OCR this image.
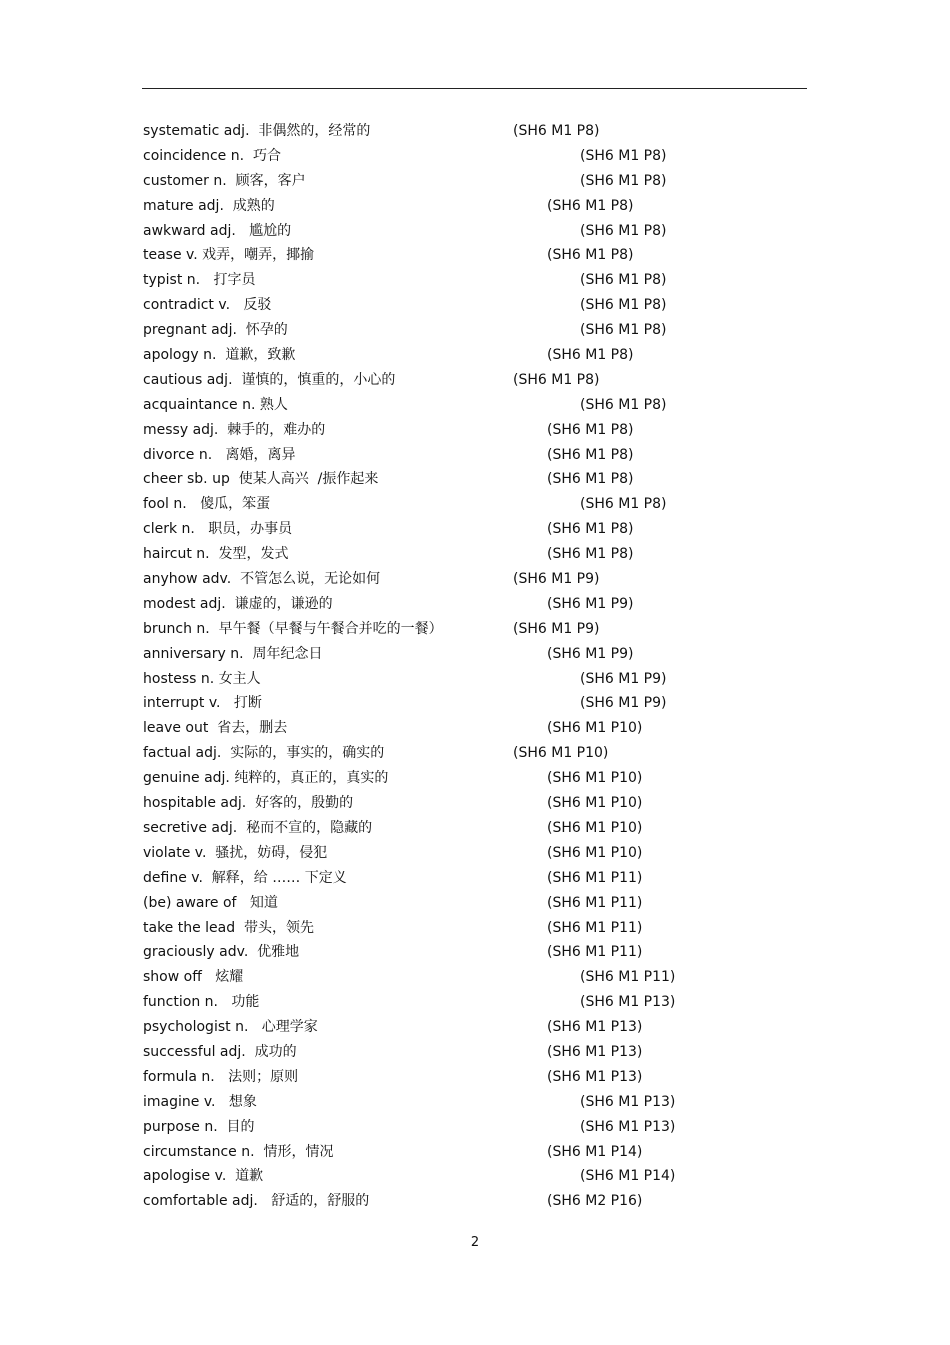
systematic adj.  非偶然的，经常的	(SH6 M1 P8)
coincidence n.  巧合	(SH6 M1 P8)
customer n.  顾客，客户	(SH6 M1 P8)
mature adj.  成熟的	(SH6 M1 P8)
awkward adj.   尴尬的	(SH6 M1 P8)
tease v. 戏弄，嘲弄，揶揄	(SH6 M1 P8)
typist n.   打字员	(SH6 M1 P8)
contradict v.   反驳	(SH6 M1 P8)
pregnant adj.  怀孕的	(SH6 M1 P8)
apology n.  道歉，致歉	(SH6 M1 P8)
cautious adj.  谨慎的，慎重的，小心的	(SH6 M1 P8)
acquaintance n. 熟人	(SH6 M1 P8)
messy adj.  棘手的，难办的	(SH6 M1 P8)
divorce n.   离婚，离异	(SH6 M1 P8)
cheer sb. up  使某人高兴  /振作起来	(SH6 M1 P8)
fool n.   傻瓜，笨蛋	(SH6 M1 P8)
clerk n.   职员，办事员	(SH6 M1 P8)
haircut n.  发型，发式	(SH6 M1 P8)
anyhow adv.  不管怎么说，无论如何	(SH6 M1 P9)
modest adj.  谦虚的，谦逊的	(SH6 M1 P9)
brunch n.  早午餐（早餐与午餐合并吃的一餐）	(SH6 M1 P9)
anniversary n.  周年纪念日	(SH6 M1 P9)
hostess n. 女主人	(SH6 M1 P9)
interrupt v.   打断	(SH6 M1 P9)
leave out  省去，删去	(SH6 M1 P10)
factual adj.  实际的，事实的，确实的	(SH6 M1 P10)
genuine adj. 纯粹的，真正的，真实的	(SH6 M1 P10)
hospitable adj.  好客的，殷勤的	(SH6 M1 P10)
secretive adj.  秘而不宣的，隐藏的	(SH6 M1 P10)
violate v.  骚扰，妨碍，侵犯	(SH6 M1 P10)
define v.  解释，给 …… 下定义	(SH6 M1 P11)
(be) aware of   知道	(SH6 M1 P11)
take the lead  带头，领先	(SH6 M1 P11)
graciously adv.  优雅地	(SH6 M1 P11)
show off   炫耀	(SH6 M1 P11)
function n.   功能	(SH6 M1 P13)
psychologist n.   心理学家	(SH6 M1 P13)
successful adj.  成功的	(SH6 M1 P13)
formula n.   法则；原则	(SH6 M1 P13)
imagine v.   想象	(SH6 M1 P13)
purpose n.  目的	(SH6 M1 P13)
circumstance n.  情形，情况	(SH6 M1 P14)
apologise v.  道歉	(SH6 M1 P14)
comfortable adj.   舒适的，舒服的	(SH6 M2 P16)
2
